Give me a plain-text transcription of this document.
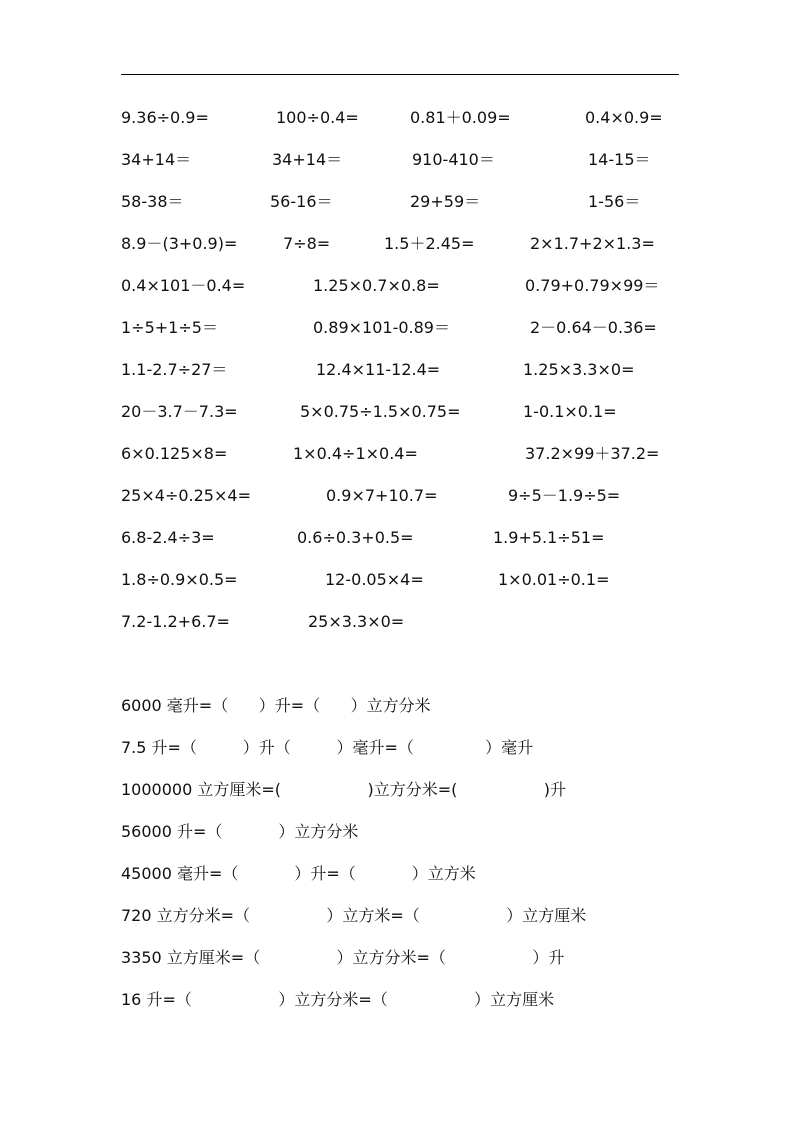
9.36÷0.9=	100÷0.4=	0.81＋0.09=	0.4×0.9=
34+14＝	34+14＝	910-410＝	14-15＝
58-38＝	56-16＝	29+59＝	1-56＝
8.9－(3+0.9)=	7÷8=	1.5＋2.45=	2×1.7+2×1.3=
0.4×101－0.4=	1.25×0.7×0.8=	0.79+0.79×99＝
1÷5+1÷5＝	0.89×101-0.89＝	2－0.64－0.36=
1.1-2.7÷27＝	12.4×11-12.4=	1.25×3.3×0=
20－3.7－7.3=	5×0.75÷1.5×0.75=	1-0.1×0.1=
6×0.125×8=	1×0.4÷1×0.4=	37.2×99＋37.2=
25×4÷0.25×4=	0.9×7+10.7=	9÷5－1.9÷5=
6.8-2.4÷3=	0.6÷0.3+0.5=	1.9+5.1÷51=
1.8÷0.9×0.5=	12-0.05×4=	1×0.01÷0.1=
7.2-1.2+6.7=	25×3.3×0=
6000 毫升=（      ）升=（      ）立方分米
7.5 升=（         ）升（         ）毫升=（              ）毫升
1000000 立方厘米=(                 )立方分米=(                 )升
56000 升=（           ）立方分米
45000 毫升=（           ）升=（           ）立方米
720 立方分米=（               ）立方米=（                 ）立方厘米
3350 立方厘米=（               ）立方分米=（                 ）升
16 升=（                 ）立方分米=（                 ）立方厘米
